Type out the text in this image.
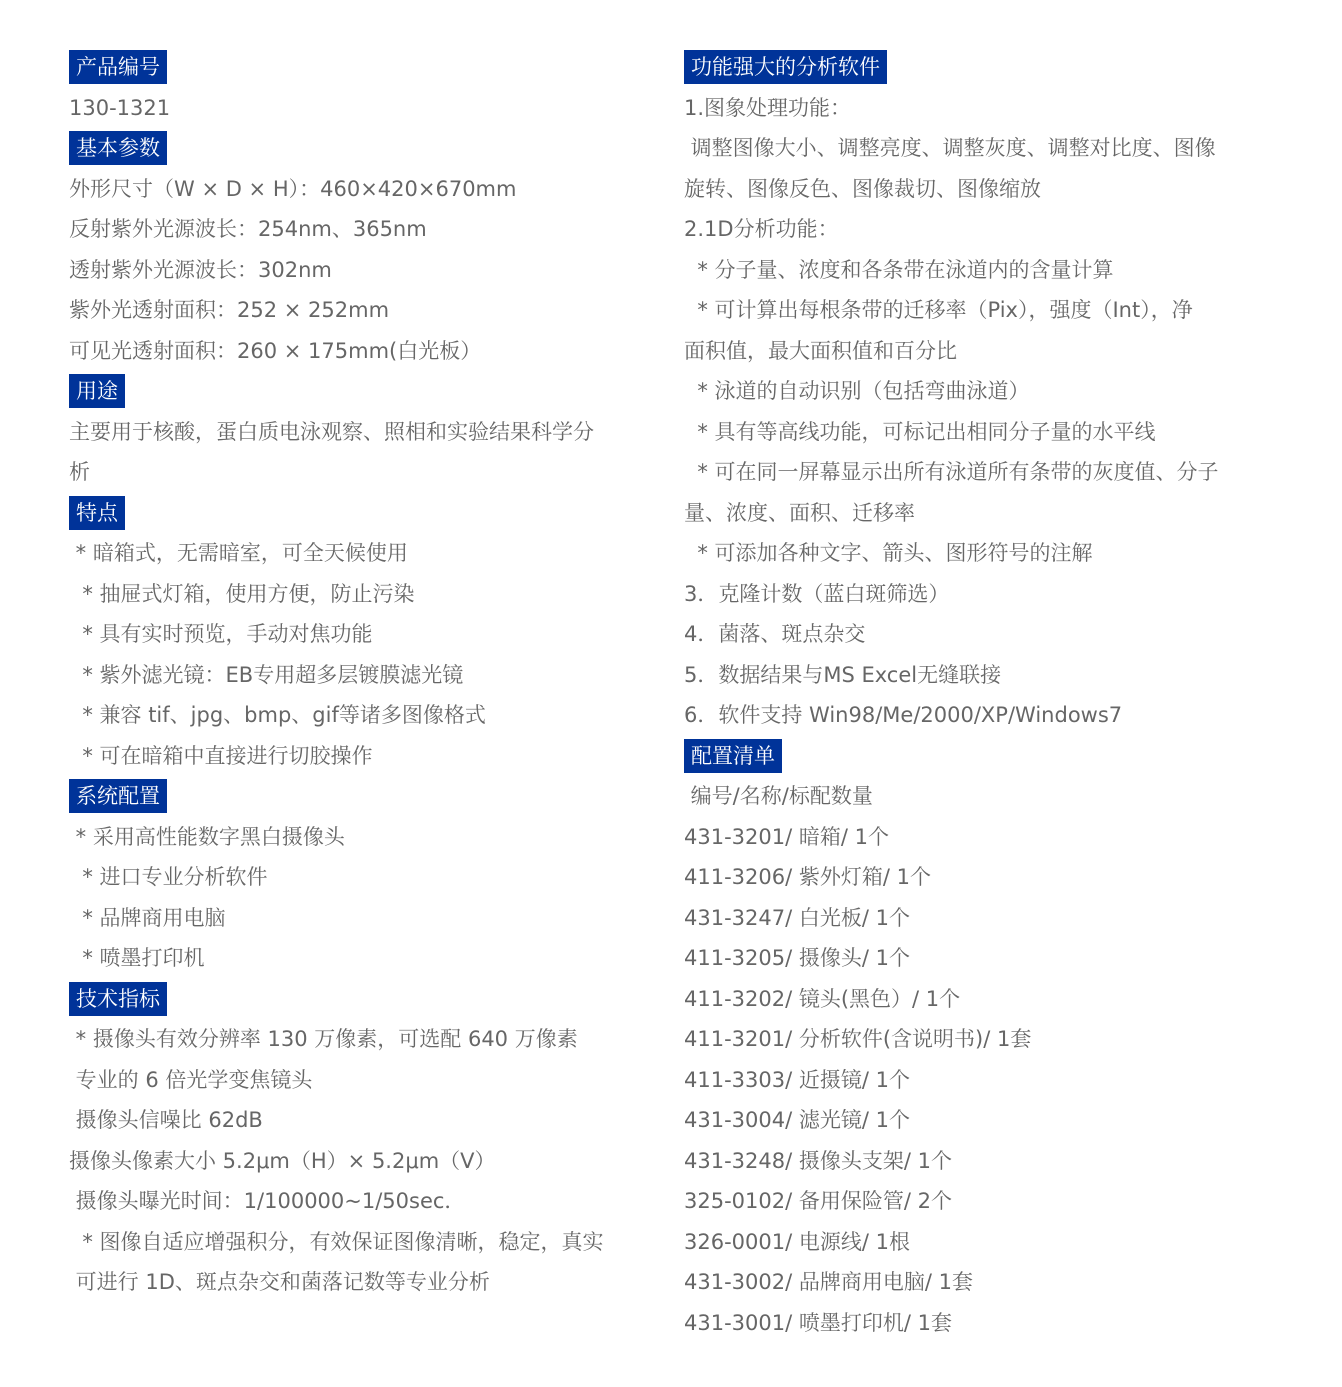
产品编号
130-1321
基本参数
外形尺寸（W × D × H）：460×420×670mm
反射紫外光源波长：254nm、365nm
透射紫外光源波长：302nm
紫外光透射面积：252 × 252mm
可见光透射面积：260 × 175mm(白光板）
用途
主要用于核酸，蛋白质电泳观察、照相和实验结果科学分
析
特点
* 暗箱式，无需暗室，可全天候使用
* 抽屉式灯箱，使用方便，防止污染
* 具有实时预览，手动对焦功能
* 紫外滤光镜：EB专用超多层镀膜滤光镜
* 兼容 tif、jpg、bmp、gif等诸多图像格式
* 可在暗箱中直接进行切胶操作
系统配置
* 采用高性能数字黑白摄像头
* 进口专业分析软件
* 品牌商用电脑
* 喷墨打印机
技术指标
* 摄像头有效分辨率 130 万像素，可选配 640 万像素
专业的 6 倍光学变焦镜头
摄像头信噪比 62dB
摄像头像素大小 5.2μm（H）× 5.2μm（V）
摄像头曝光时间：1/100000~1/50sec．
* 图像自适应增强积分，有效保证图像清晰，稳定，真实
可进行 1D、斑点杂交和菌落记数等专业分析
功能强大的分析软件
1.图象处理功能：
调整图像大小、调整亮度、调整灰度、调整对比度、图像
旋转、图像反色、图像裁切、图像缩放
2.1D分析功能：
* 分子量、浓度和各条带在泳道内的含量计算
* 可计算出每根条带的迁移率（Pix），强度（Int），净
面积值，最大面积值和百分比
* 泳道的自动识别（包括弯曲泳道）
* 具有等高线功能，可标记出相同分子量的水平线
* 可在同一屏幕显示出所有泳道所有条带的灰度值、分子
量、浓度、面积、迁移率
* 可添加各种文字、箭头、图形符号的注解
3．克隆计数（蓝白斑筛选）
4．菌落、斑点杂交
5．数据结果与MS Excel无缝联接
6．软件支持 Win98/Me/2000/XP/Windows7
配置清单
编号/名称/标配数量
431-3201/ 暗箱/ 1个
411-3206/ 紫外灯箱/ 1个
431-3247/ 白光板/ 1个
411-3205/ 摄像头/ 1个
411-3202/ 镜头(黑色）/ 1个
411-3201/ 分析软件(含说明书)/ 1套
411-3303/ 近摄镜/ 1个
431-3004/ 滤光镜/ 1个
431-3248/ 摄像头支架/ 1个
325-0102/ 备用保险管/ 2个
326-0001/ 电源线/ 1根
431-3002/ 品牌商用电脑/ 1套
431-3001/ 喷墨打印机/ 1套
